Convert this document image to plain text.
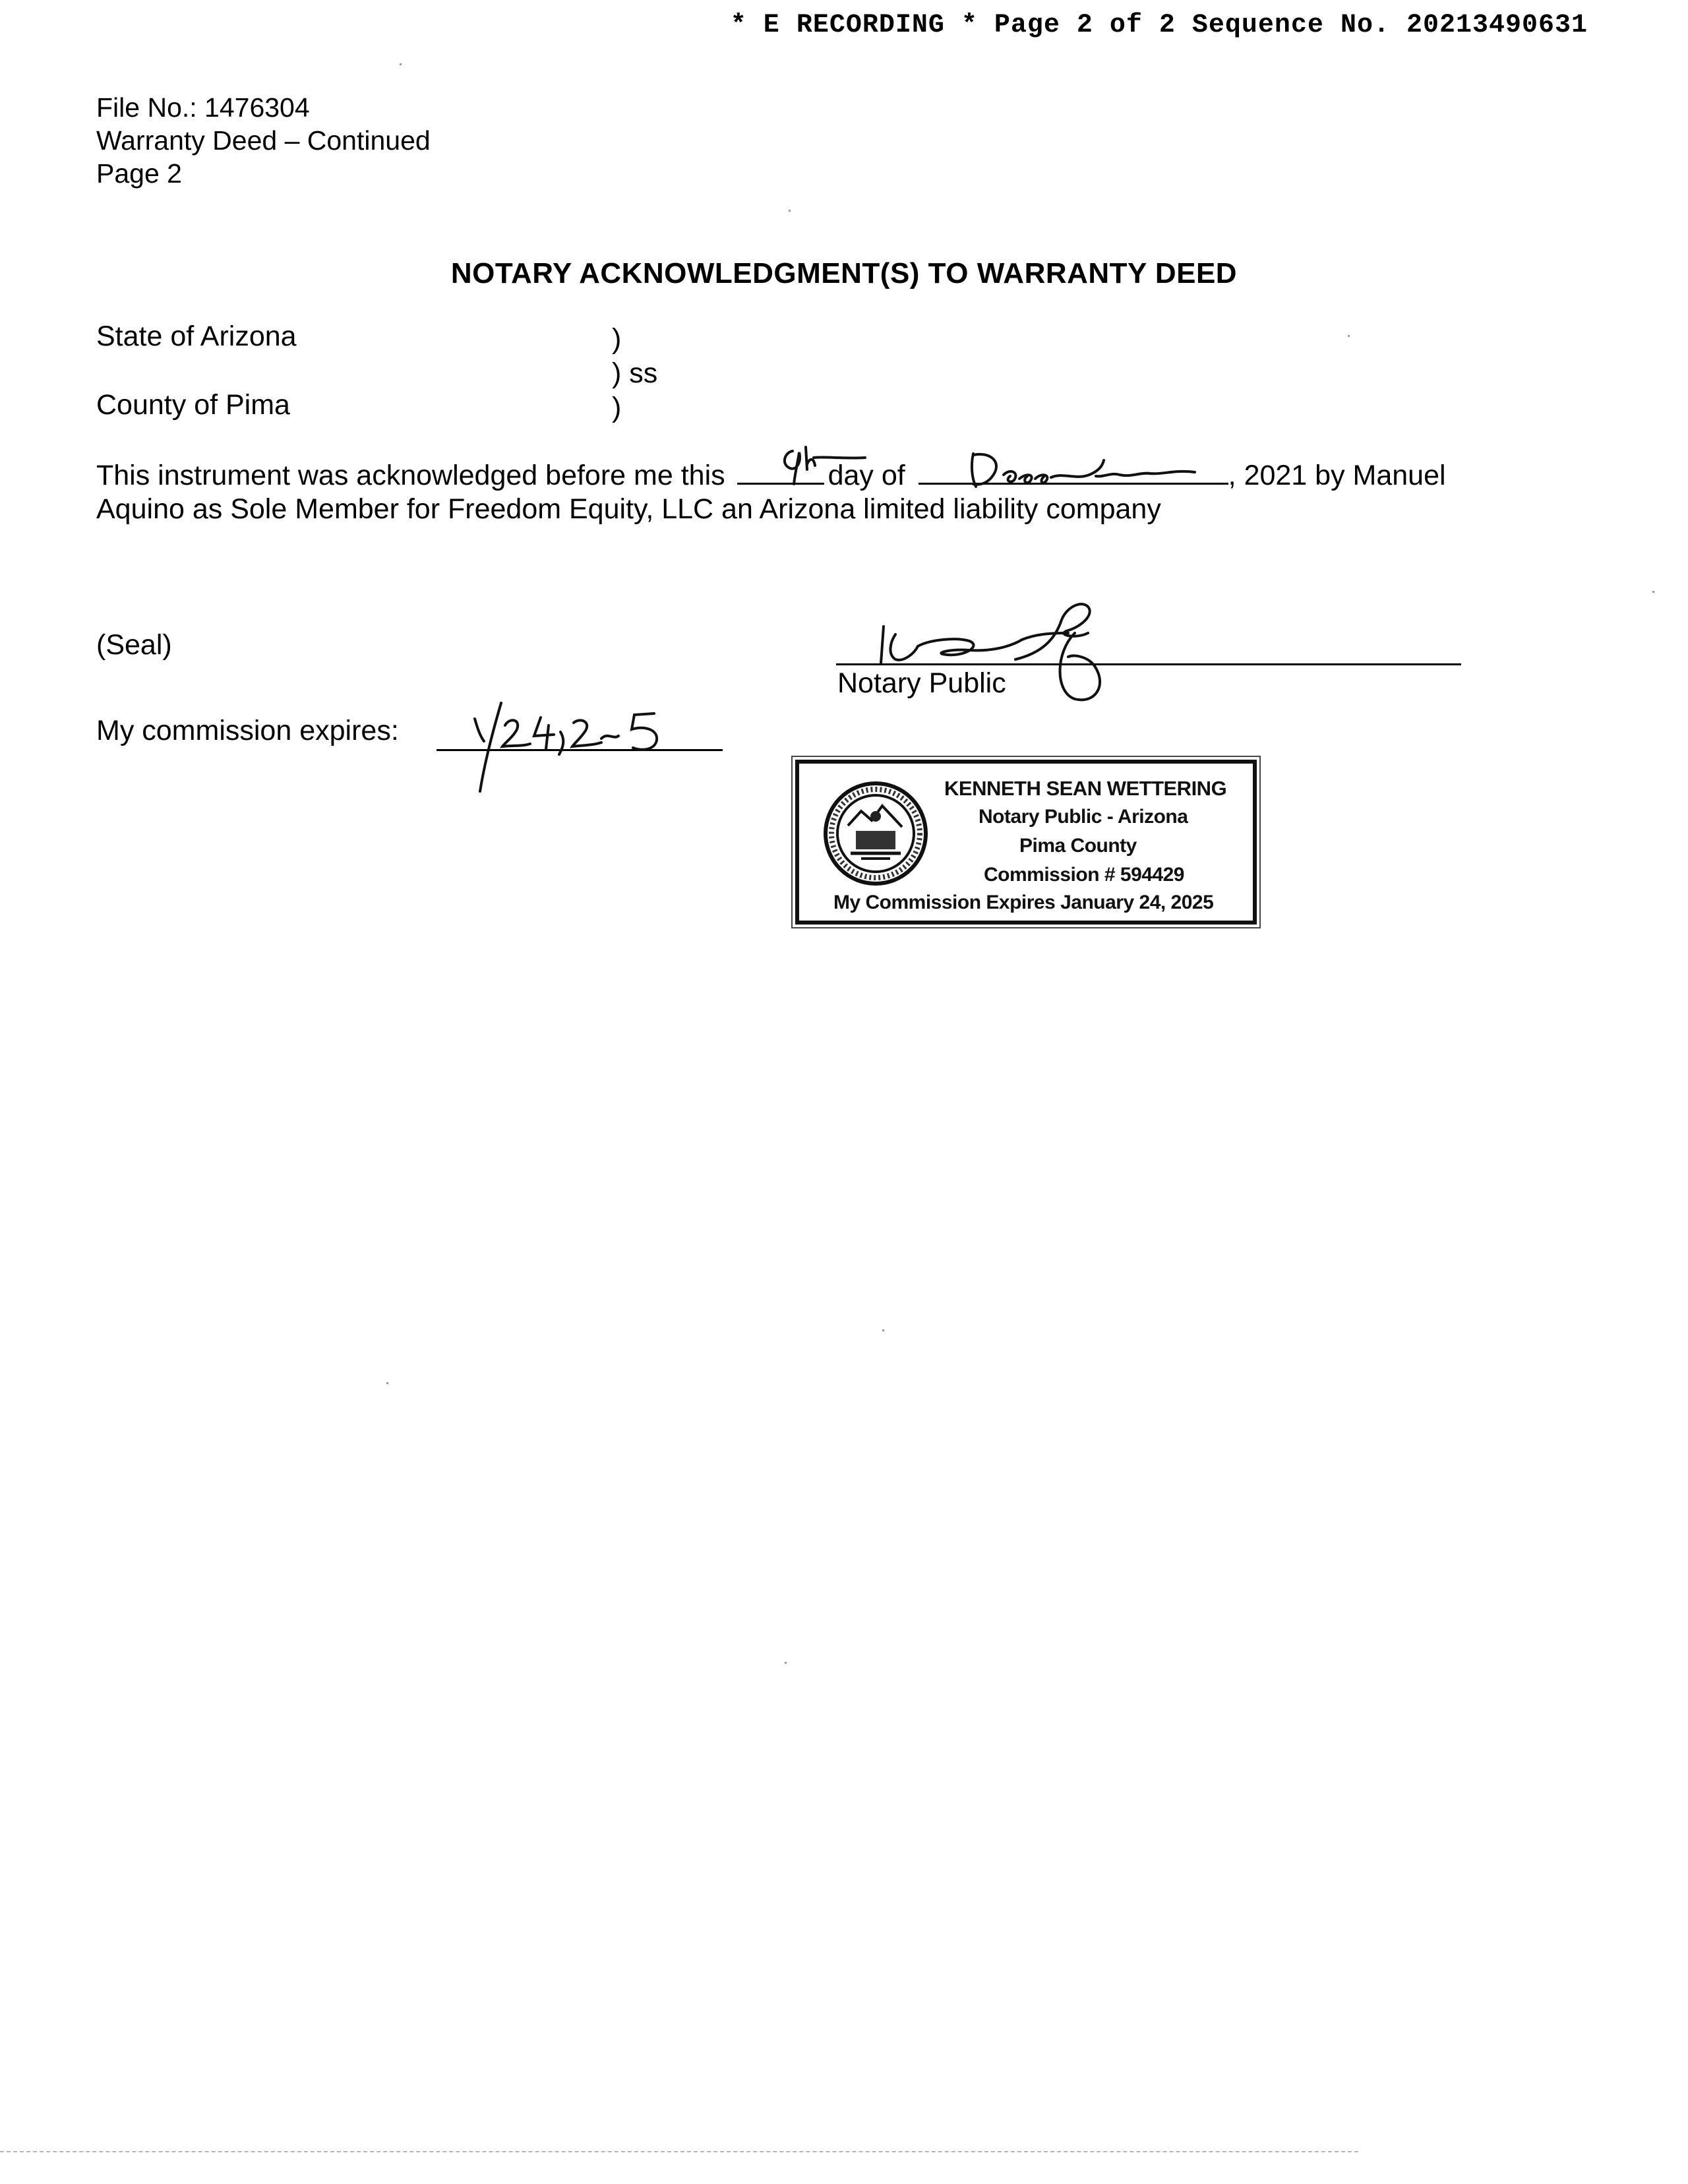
* E RECORDING * Page 2 of 2 Sequence No. 20213490631
File No.: 1476304
Warranty Deed – Continued
Page 2
NOTARY ACKNOWLEDGMENT(S) TO WARRANTY DEED
State of Arizona
County of Pima
)
) ss
)
This instrument was acknowledged before me this	day of	, 2021 by Manuel
Aquino as Sole Member for Freedom Equity, LLC an Arizona limited liability company
(Seal)
Notary Public
My commission expires:
KENNETH SEAN WETTERING
Notary Public - Arizona
Pima County
Commission # 594429
My Commission Expires January 24, 2025
